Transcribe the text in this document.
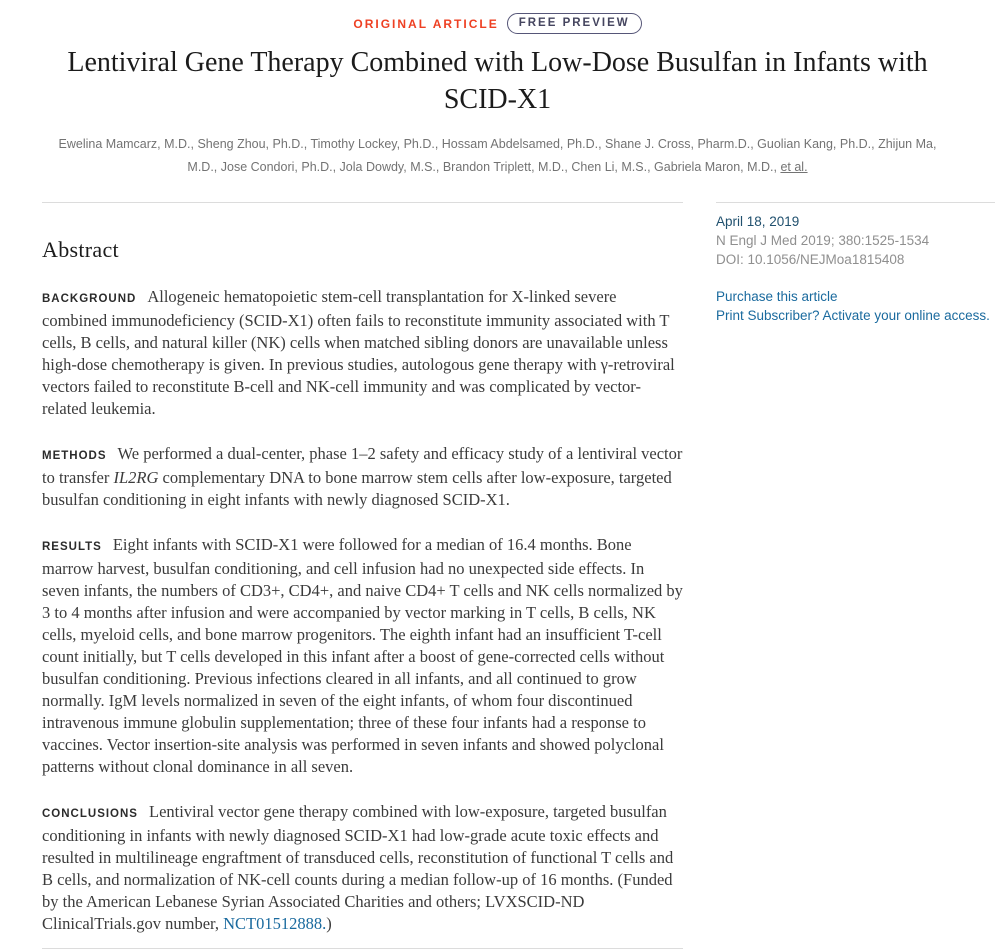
ORIGINAL ARTICLE	FREE PREVIEW
Lentiviral Gene Therapy Combined with Low-Dose Busulfan in Infants with SCID-X1
Ewelina Mamcarz, M.D., Sheng Zhou, Ph.D., Timothy Lockey, Ph.D., Hossam Abdelsamed, Ph.D., Shane J. Cross, Pharm.D., Guolian Kang, Ph.D., Zhijun Ma, M.D., Jose Condori, Ph.D., Jola Dowdy, M.S., Brandon Triplett, M.D., Chen Li, M.S., Gabriela Maron, M.D., et al.
Abstract

BACKGROUND Allogeneic hematopoietic stem-cell transplantation for X-linked severe combined immunodeficiency (SCID-X1) often fails to reconstitute immunity associated with T cells, B cells, and natural killer (NK) cells when matched sibling donors are unavailable unless high-dose chemotherapy is given. In previous studies, autologous gene therapy with γ-retroviral vectors failed to reconstitute B-cell and NK-cell immunity and was complicated by vector-related leukemia.

METHODS We performed a dual-center, phase 1–2 safety and efficacy study of a lentiviral vector to transfer IL2RG complementary DNA to bone marrow stem cells after low-exposure, targeted busulfan conditioning in eight infants with newly diagnosed SCID-X1.

RESULTS Eight infants with SCID-X1 were followed for a median of 16.4 months. Bone marrow harvest, busulfan conditioning, and cell infusion had no unexpected side effects. In seven infants, the numbers of CD3+, CD4+, and naive CD4+ T cells and NK cells normalized by 3 to 4 months after infusion and were accompanied by vector marking in T cells, B cells, NK cells, myeloid cells, and bone marrow progenitors. The eighth infant had an insufficient T-cell count initially, but T cells developed in this infant after a boost of gene-corrected cells without busulfan conditioning. Previous infections cleared in all infants, and all continued to grow normally. IgM levels normalized in seven of the eight infants, of whom four discontinued intravenous immune globulin supplementation; three of these four infants had a response to vaccines. Vector insertion-site analysis was performed in seven infants and showed polyclonal patterns without clonal dominance in all seven.

CONCLUSIONS Lentiviral vector gene therapy combined with low-exposure, targeted busulfan conditioning in infants with newly diagnosed SCID-X1 had low-grade acute toxic effects and resulted in multilineage engraftment of transduced cells, reconstitution of functional T cells and B cells, and normalization of NK-cell counts during a median follow-up of 16 months. (Funded by the American Lebanese Syrian Associated Charities and others; LVXSCID-ND ClinicalTrials.gov number, NCT01512888.)

April 18, 2019
N Engl J Med 2019; 380:1525-1534
DOI: 10.1056/NEJMoa1815408
Purchase this article
Print Subscriber? Activate your online access.
